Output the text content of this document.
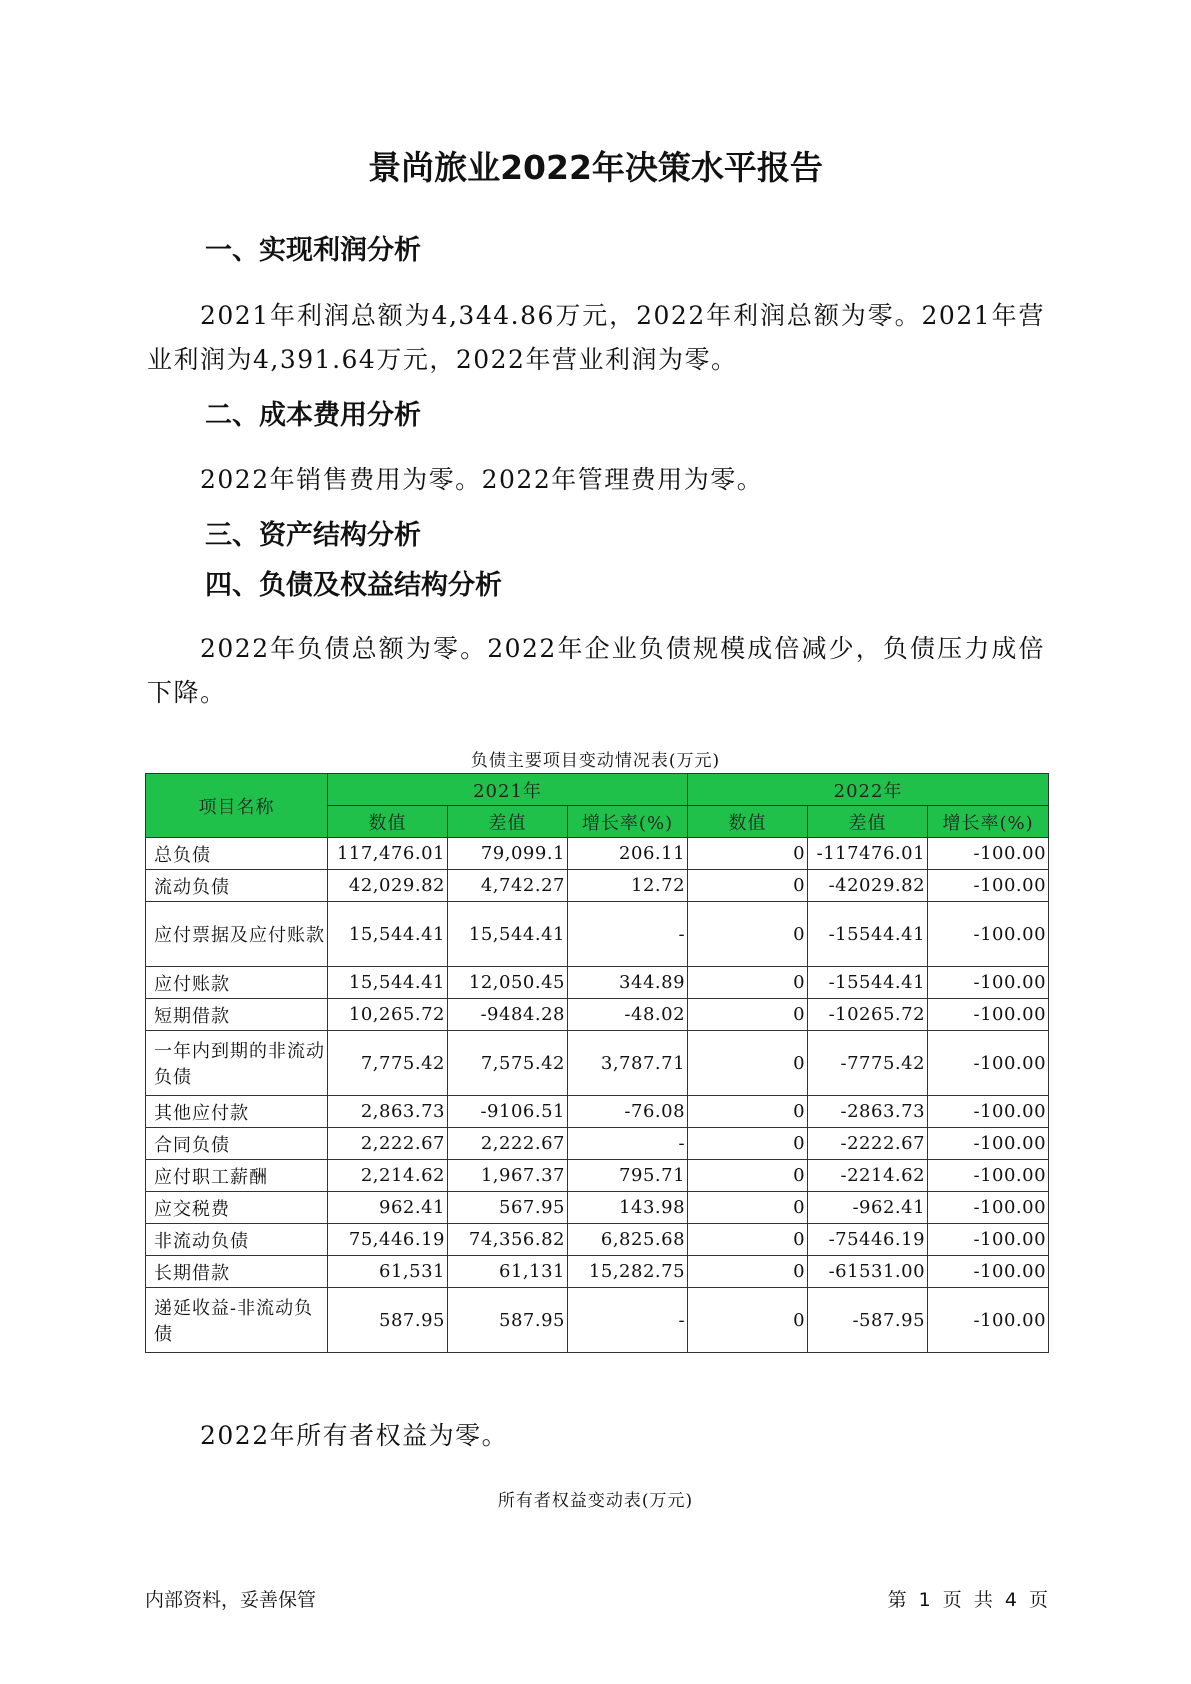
景尚旅业2022年决策水平报告
一、实现利润分析
2021年利润总额为4,344.86万元，2022年利润总额为零。2021年营业利润为4,391.64万元，2022年营业利润为零。
二、成本费用分析
2022年销售费用为零。2022年管理费用为零。
三、资产结构分析
四、负债及权益结构分析
2022年负债总额为零。2022年企业负债规模成倍减少，负债压力成倍下降。
负债主要项目变动情况表(万元)
项目名称	2021年			2022年		
	数值	差值	增长率(%)	数值	差值	增长率(%)
总负债	117,476.01	79,099.1	206.11	0	-117476.01	-100.00
流动负债	42,029.82	4,742.27	12.72	0	-42029.82	-100.00
应付票据及应付账款	15,544.41	15,544.41	-	0	-15544.41	-100.00
应付账款	15,544.41	12,050.45	344.89	0	-15544.41	-100.00
短期借款	10,265.72	-9484.28	-48.02	0	-10265.72	-100.00
一年内到期的非流动负债	7,775.42	7,575.42	3,787.71	0	-7775.42	-100.00
其他应付款	2,863.73	-9106.51	-76.08	0	-2863.73	-100.00
合同负债	2,222.67	2,222.67	-	0	-2222.67	-100.00
应付职工薪酬	2,214.62	1,967.37	795.71	0	-2214.62	-100.00
应交税费	962.41	567.95	143.98	0	-962.41	-100.00
非流动负债	75,446.19	74,356.82	6,825.68	0	-75446.19	-100.00
长期借款	61,531	61,131	15,282.75	0	-61531.00	-100.00
递延收益-非流动负债	587.95	587.95	-	0	-587.95	-100.00
2022年所有者权益为零。
所有者权益变动表(万元)
内部资料，妥善保管	第 1 页 共 4 页
